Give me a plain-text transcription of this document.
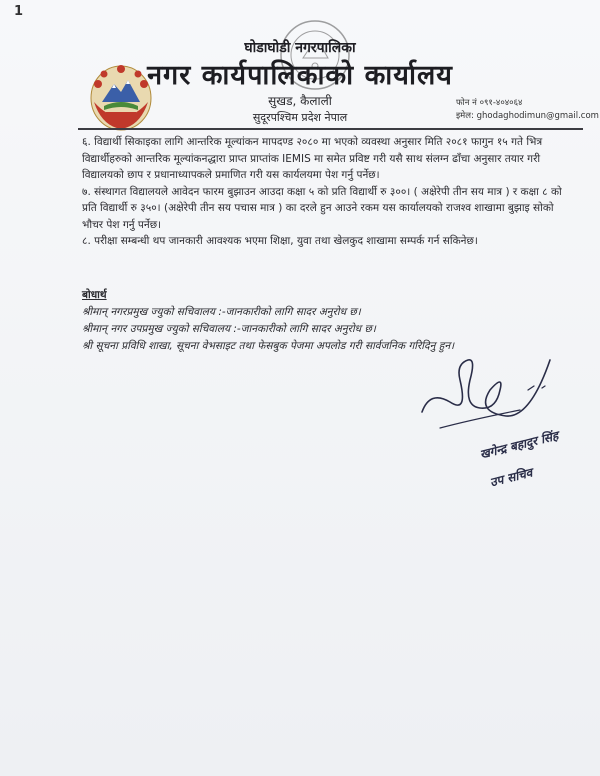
1
घोडाघोडी नगरपालिका
नगर कार्यपालिकाको कार्यालय
सुखड, कैलाली
सुदूरपश्चिम प्रदेश नेपाल
फोन नं ०९१-४०४०६४
इमेल: ghodaghodimun@gmail.com

६. विद्यार्थी सिकाइका लागि आन्तरिक मूल्यांकन मापदण्ड २०८० मा भएको व्यवस्था अनुसार मिति २०८१ फागुन १५ गते भित्र विद्यार्थीहरुको आन्तरिक मूल्यांकनद्धारा प्राप्त प्राप्तांक IEMIS मा समेत प्रविष्ट गरी यसै साथ संलग्न ढाँचा अनुसार तयार गरी विद्यालयको छाप र प्रधानाध्यापकले प्रमाणित गरी यस कार्यलयमा पेश गर्नु पर्नेछ।

७. संस्थागत विद्यालयले आवेदन फारम बुझाउन आउदा कक्षा ५ को प्रति विद्यार्थी रु ३००। ( अक्षेरेपी तीन सय मात्र ) र कक्षा ८ को प्रति विद्यार्थी रु ३५०। (अक्षेरेपी तीन सय पचास मात्र ) का दरले हुन आउने रकम यस कार्यालयको राजश्व शाखामा बुझाइ सोको भौचर पेश गर्नु पर्नेछ।

८. परीक्षा सम्बन्धी थप जानकारी आवश्यक भएमा शिक्षा, युवा तथा खेलकुद शाखामा सम्पर्क गर्न सकिनेछ।

बोधार्थ
श्रीमान् नगरप्रमुख ज्युको सचिवालय :-जानकारीको लागि सादर अनुरोध छ।
श्रीमान् नगर उपप्रमुख ज्युको सचिवालय :-जानकारीको लागि सादर अनुरोध छ।
श्री सूचना प्रविधि शाखा, सूचना वेभसाइट तथा फेसबुक पेजमा अपलोड गरी सार्वजनिक गरिदिनु हुन।
खगेन्द्र बहादुर सिंह
उप सचिव
